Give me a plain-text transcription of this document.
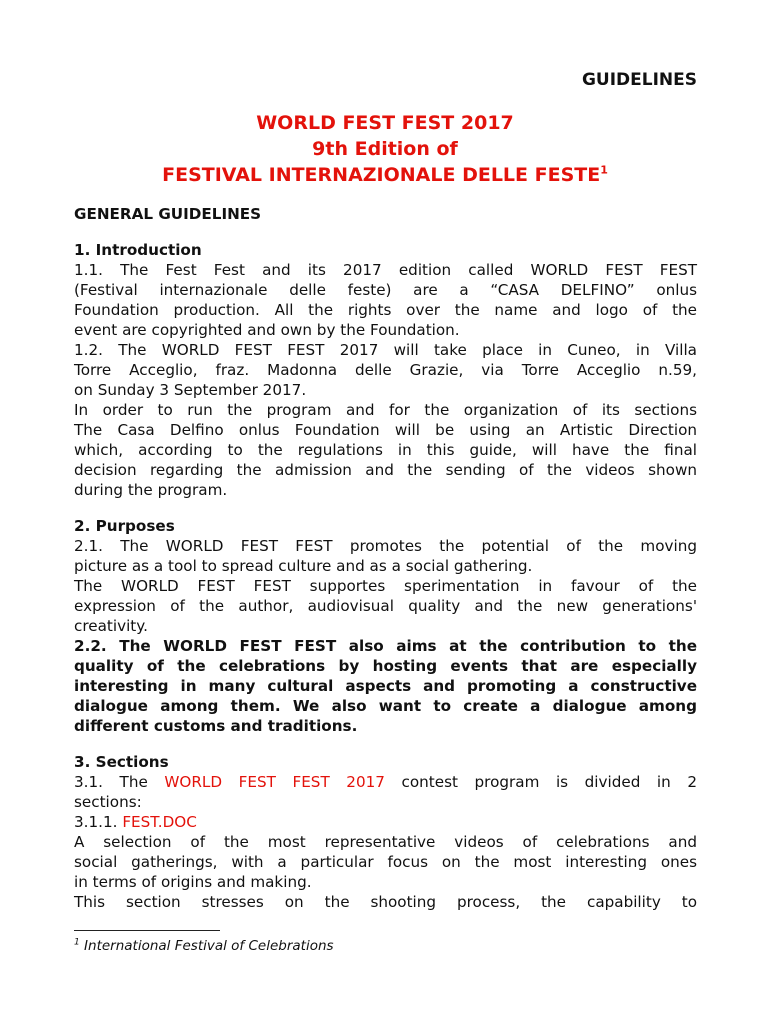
GUIDELINES
WORLD FEST FEST 2017
9th Edition of
FESTIVAL INTERNAZIONALE DELLE FESTE$^1$
GENERAL GUIDELINES
1. Introduction
1.1. The Fest Fest and its 2017 edition called WORLD FEST FEST
(Festival internazionale delle feste) are a “CASA DELFINO” onlus
Foundation production. All the rights over the name and logo of the
event are copyrighted and own by the Foundation.
1.2. The WORLD FEST FEST 2017 will take place in Cuneo, in Villa
Torre Acceglio, fraz. Madonna delle Grazie, via Torre Acceglio n.59,
on Sunday 3 September 2017.
In order to run the program and for the organization of its sections
The Casa Delfino onlus Foundation will be using an Artistic Direction
which, according to the regulations in this guide, will have the final
decision regarding the admission and the sending of the videos shown
during the program.
2. Purposes
2.1. The WORLD FEST FEST promotes the potential of the moving
picture as a tool to spread culture and as a social gathering.
The WORLD FEST FEST supportes sperimentation in favour of the
expression of the author, audiovisual quality and the new generations'
creativity.
2.2. The WORLD FEST FEST also aims at the contribution to the
quality of the celebrations by hosting events that are especially
interesting in many cultural aspects and promoting a constructive
dialogue among them. We also want to create a dialogue among
different customs and traditions.
3. Sections
3.1. The WORLD FEST FEST 2017 contest program is divided in 2
sections:
3.1.1. FEST.DOC
A selection of the most representative videos of celebrations and
social gatherings, with a particular focus on the most interesting ones
in terms of origins and making.
This section stresses on the shooting process, the capability to
$^1$ International Festival of Celebrations
